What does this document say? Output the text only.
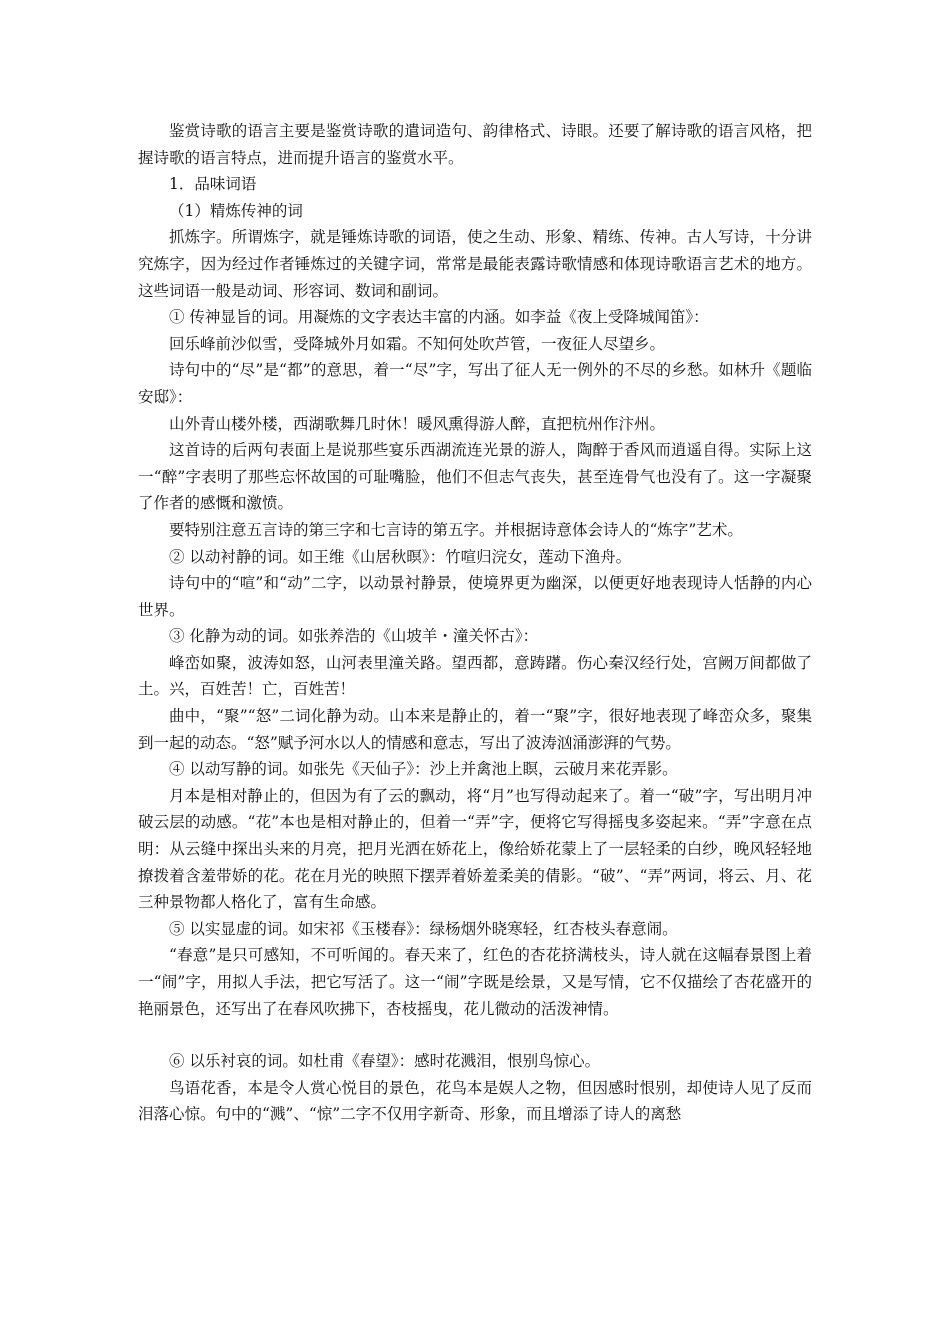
鉴赏诗歌的语言主要是鉴赏诗歌的遣词造句、韵律格式、诗眼。还要了解诗歌的语言风格，把握诗歌的语言特点，进而提升语言的鉴赏水平。

1．品味词语

（1）精炼传神的词

抓炼字。所谓炼字，就是锤炼诗歌的词语，使之生动、形象、精练、传神。古人写诗，十分讲究炼字，因为经过作者锤炼过的关键字词，常常是最能表露诗歌情感和体现诗歌语言艺术的地方。这些词语一般是动词、形容词、数词和副词。

① 传神显旨的词。用凝炼的文字表达丰富的内涵。如李益《夜上受降城闻笛》：

回乐峰前沙似雪，受降城外月如霜。不知何处吹芦管，一夜征人尽望乡。

诗句中的“尽”是“都”的意思，着一“尽”字，写出了征人无一例外的不尽的乡愁。如林升《题临安邸》：

山外青山楼外楼，西湖歌舞几时休！暖风熏得游人醉，直把杭州作汴州。

这首诗的后两句表面上是说那些宴乐西湖流连光景的游人，陶醉于香风而逍遥自得。实际上这一“醉”字表明了那些忘怀故国的可耻嘴脸，他们不但志气丧失，甚至连骨气也没有了。这一字凝聚了作者的感慨和激愤。

要特别注意五言诗的第三字和七言诗的第五字。并根据诗意体会诗人的“炼字”艺术。

② 以动衬静的词。如王维《山居秋暝》：竹喧归浣女，莲动下渔舟。

诗句中的“喧”和“动”二字，以动景衬静景，使境界更为幽深，以便更好地表现诗人恬静的内心世界。

③ 化静为动的词。如张养浩的《山坡羊・潼关怀古》：

峰峦如聚，波涛如怒，山河表里潼关路。望西都，意踌躇。伤心秦汉经行处，宫阙万间都做了土。兴，百姓苦！亡，百姓苦！

曲中，“聚”“怒”二词化静为动。山本来是静止的，着一“聚”字，很好地表现了峰峦众多，聚集到一起的动态。“怒”赋予河水以人的情感和意志，写出了波涛汹涌澎湃的气势。

④ 以动写静的词。如张先《天仙子》：沙上并禽池上瞑，云破月来花弄影。

月本是相对静止的，但因为有了云的飘动，将“月”也写得动起来了。着一“破”字，写出明月冲破云层的动感。“花”本也是相对静止的，但着一“弄”字，便将它写得摇曳多姿起来。“弄”字意在点明：从云缝中探出头来的月亮，把月光洒在娇花上，像给娇花蒙上了一层轻柔的白纱，晚风轻轻地撩拨着含羞带娇的花。花在月光的映照下摆弄着娇羞柔美的倩影。“破”、“弄”两词，将云、月、花三种景物都人格化了，富有生命感。

⑤ 以实显虚的词。如宋祁《玉楼春》：绿杨烟外晓寒轻，红杏枝头春意闹。

“春意”是只可感知，不可听闻的。春天来了，红色的杏花挤满枝头，诗人就在这幅春景图上着一“闹”字，用拟人手法，把它写活了。这一“闹”字既是绘景，又是写情，它不仅描绘了杏花盛开的艳丽景色，还写出了在春风吹拂下，杏枝摇曳，花儿微动的活泼神情。

⑥ 以乐衬哀的词。如杜甫《春望》：感时花溅泪，恨别鸟惊心。

鸟语花香，本是令人赏心悦目的景色，花鸟本是娱人之物，但因感时恨别，却使诗人见了反而泪落心惊。句中的“溅”、“惊”二字不仅用字新奇、形象，而且增添了诗人的离愁
